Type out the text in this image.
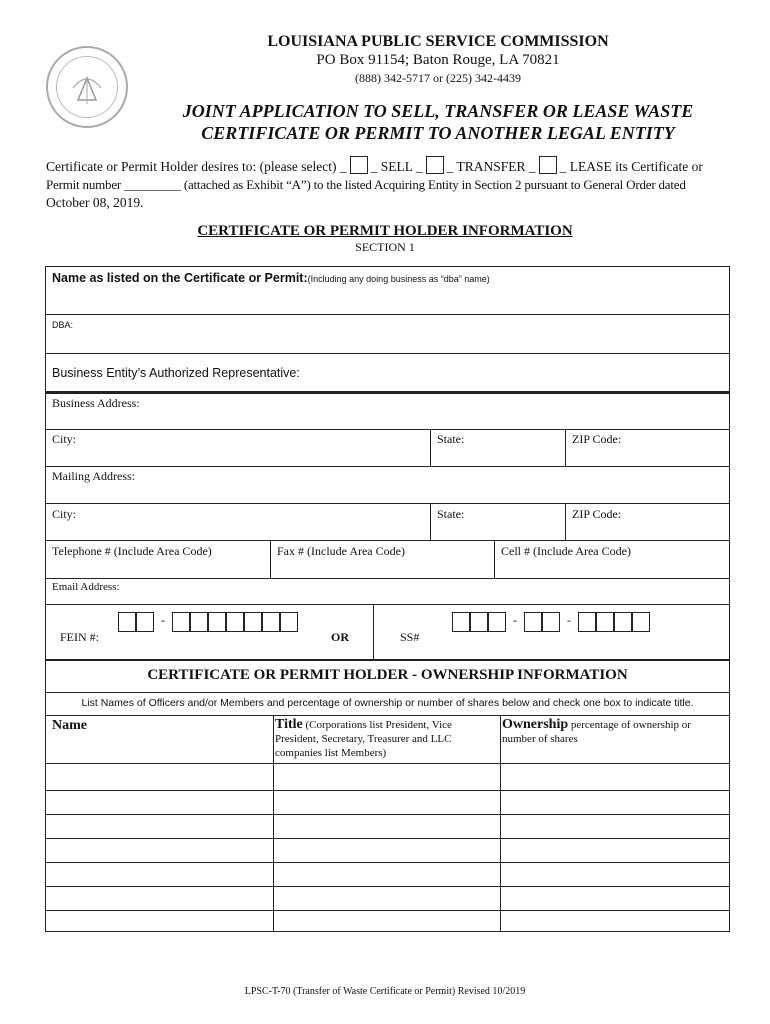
LOUISIANA PUBLIC SERVICE COMMISSION
PO Box 91154; Baton Rouge, LA 70821
(888) 342-5717 or (225) 342-4439
JOINT APPLICATION TO SELL, TRANSFER OR LEASE WASTE
CERTIFICATE OR PERMIT TO ANOTHER LEGAL ENTITY
Certificate or Permit Holder desires to: (please select) _ _ SELL _ _ TRANSFER _ _ LEASE its Certificate or
Permit number _________ (attached as Exhibit “A”) to the listed Acquiring Entity in Section 2 pursuant to General Order dated
October 08, 2019.
CERTIFICATE OR PERMIT HOLDER INFORMATION
SECTION 1
Name as listed on the Certificate or Permit:(Including any doing business as “dba” name)
DBA:
Business Entity’s Authorized Representative:
Business Address:
City:	State:	ZIP Code:
Mailing Address:
City:	State:	ZIP Code:
Telephone # (Include Area Code)	Fax # (Include Area Code)	Cell # (Include Area Code)
Email Address:
FEIN #:
-
OR	SS#
-	-
CERTIFICATE OR PERMIT HOLDER - OWNERSHIP INFORMATION
List Names of Officers and/or Members and percentage of ownership or number of shares below and check one box to indicate title.
Name	Title (Corporations list President, Vice
President, Secretary, Treasurer and LLC
companies list Members)
Ownership percentage of ownership or
number of shares
LPSC-T-70 (Transfer of Waste Certificate or Permit) Revised 10/2019
